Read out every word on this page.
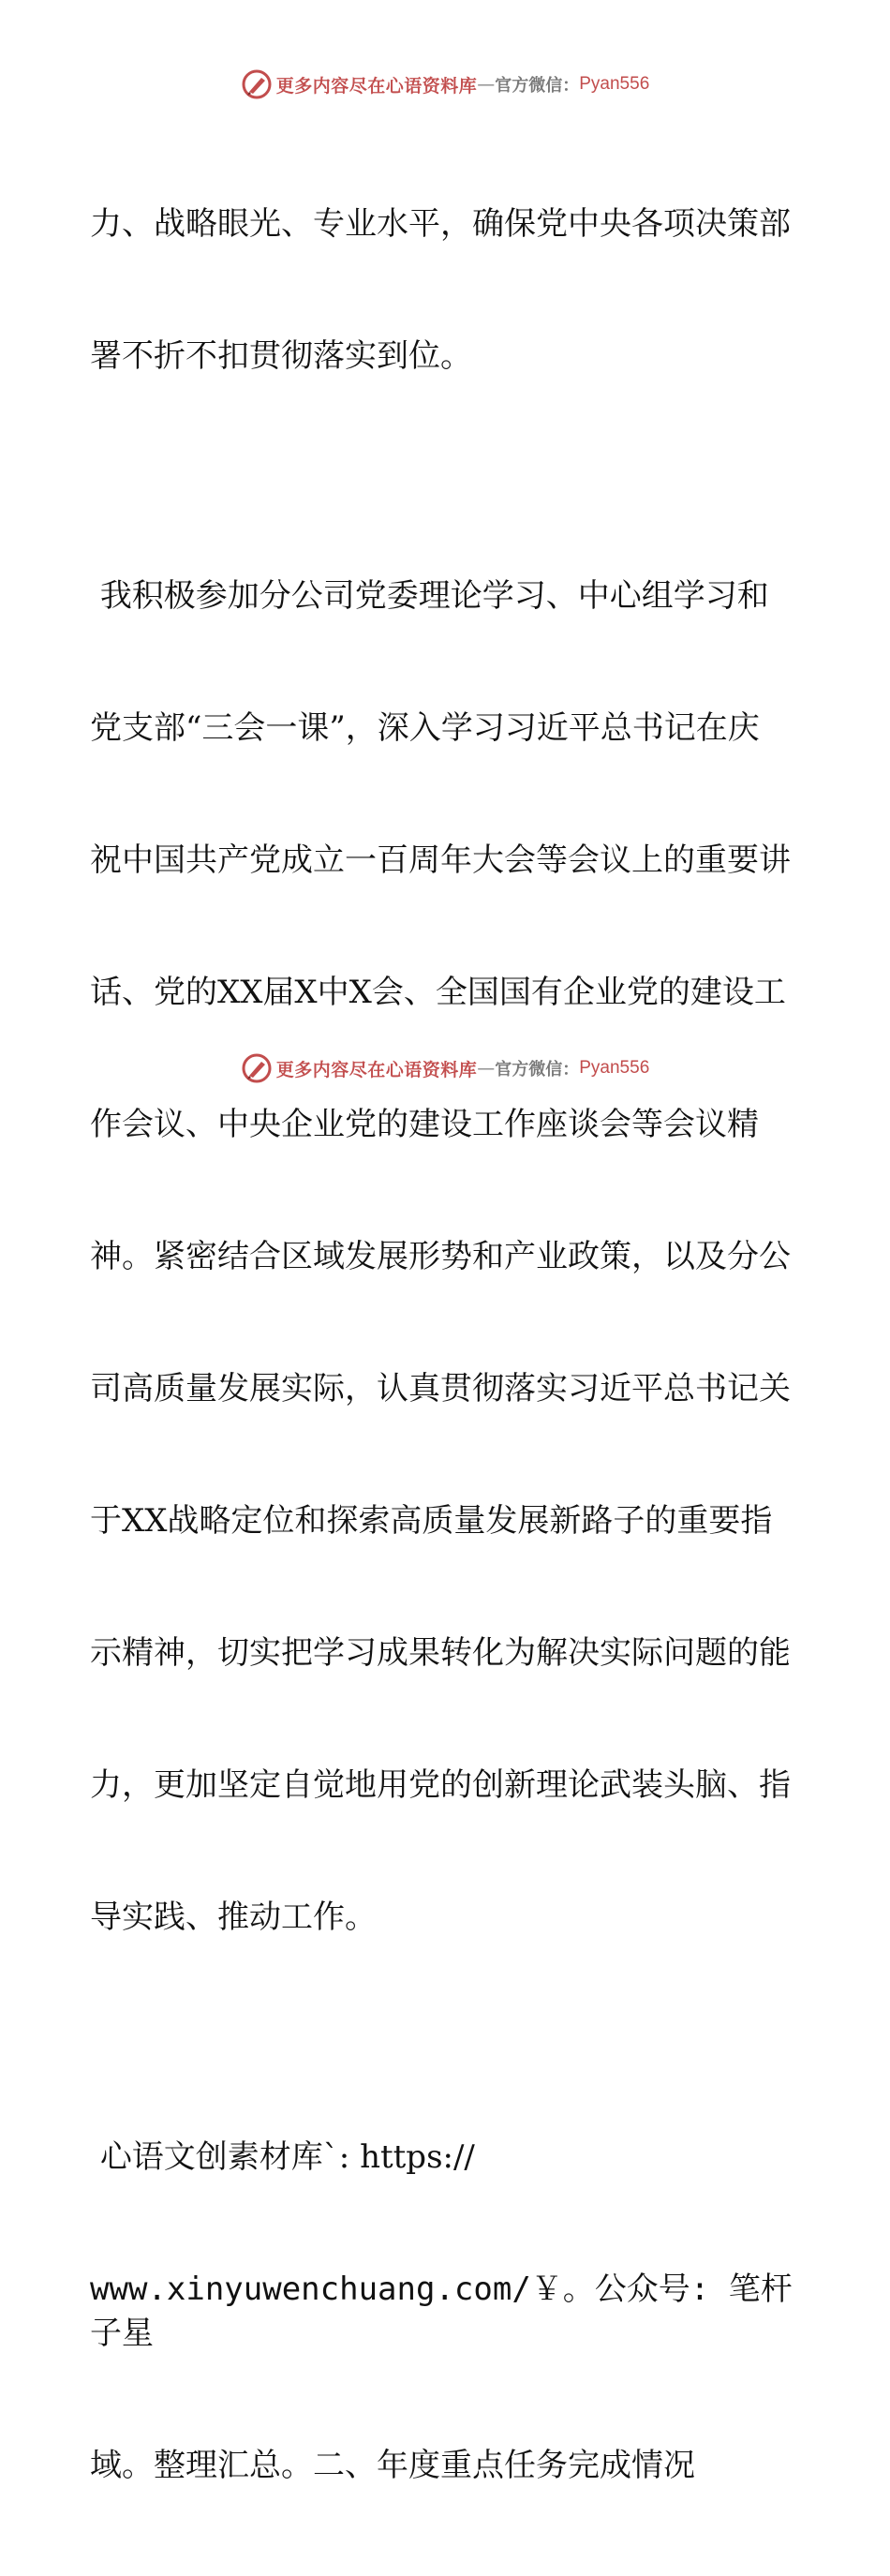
更多内容尽在心语资料库 — 官方微信： Pyan556

力、战略眼光、专业水平，确保党中央各项决策部

署不折不扣贯彻落实到位。

我积极参加分公司党委理论学习、中心组学习和

党支部“三会一课”，深入学习习近平总书记在庆

祝中国共产党成立一百周年大会等会议上的重要讲

话、党的XX届X中X会、全国国有企业党的建设工

作会议、中央企业党的建设工作座谈会等会议精

神。紧密结合区域发展形势和产业政策，以及分公

司高质量发展实际，认真贯彻落实习近平总书记关

于XX战略定位和探索高质量发展新路子的重要指

示精神，切实把学习成果转化为解决实际问题的能

力，更加坚定自觉地用党的创新理论武装头脑、指

导实践、推动工作。

心语文创素材库`: https://

www.xinyuwenchuang.com/￥。公众号: 笔杆子星

域。整理汇总。二、年度重点任务完成情况

更多内容尽在心语资料库 — 官方微信： Pyan556
